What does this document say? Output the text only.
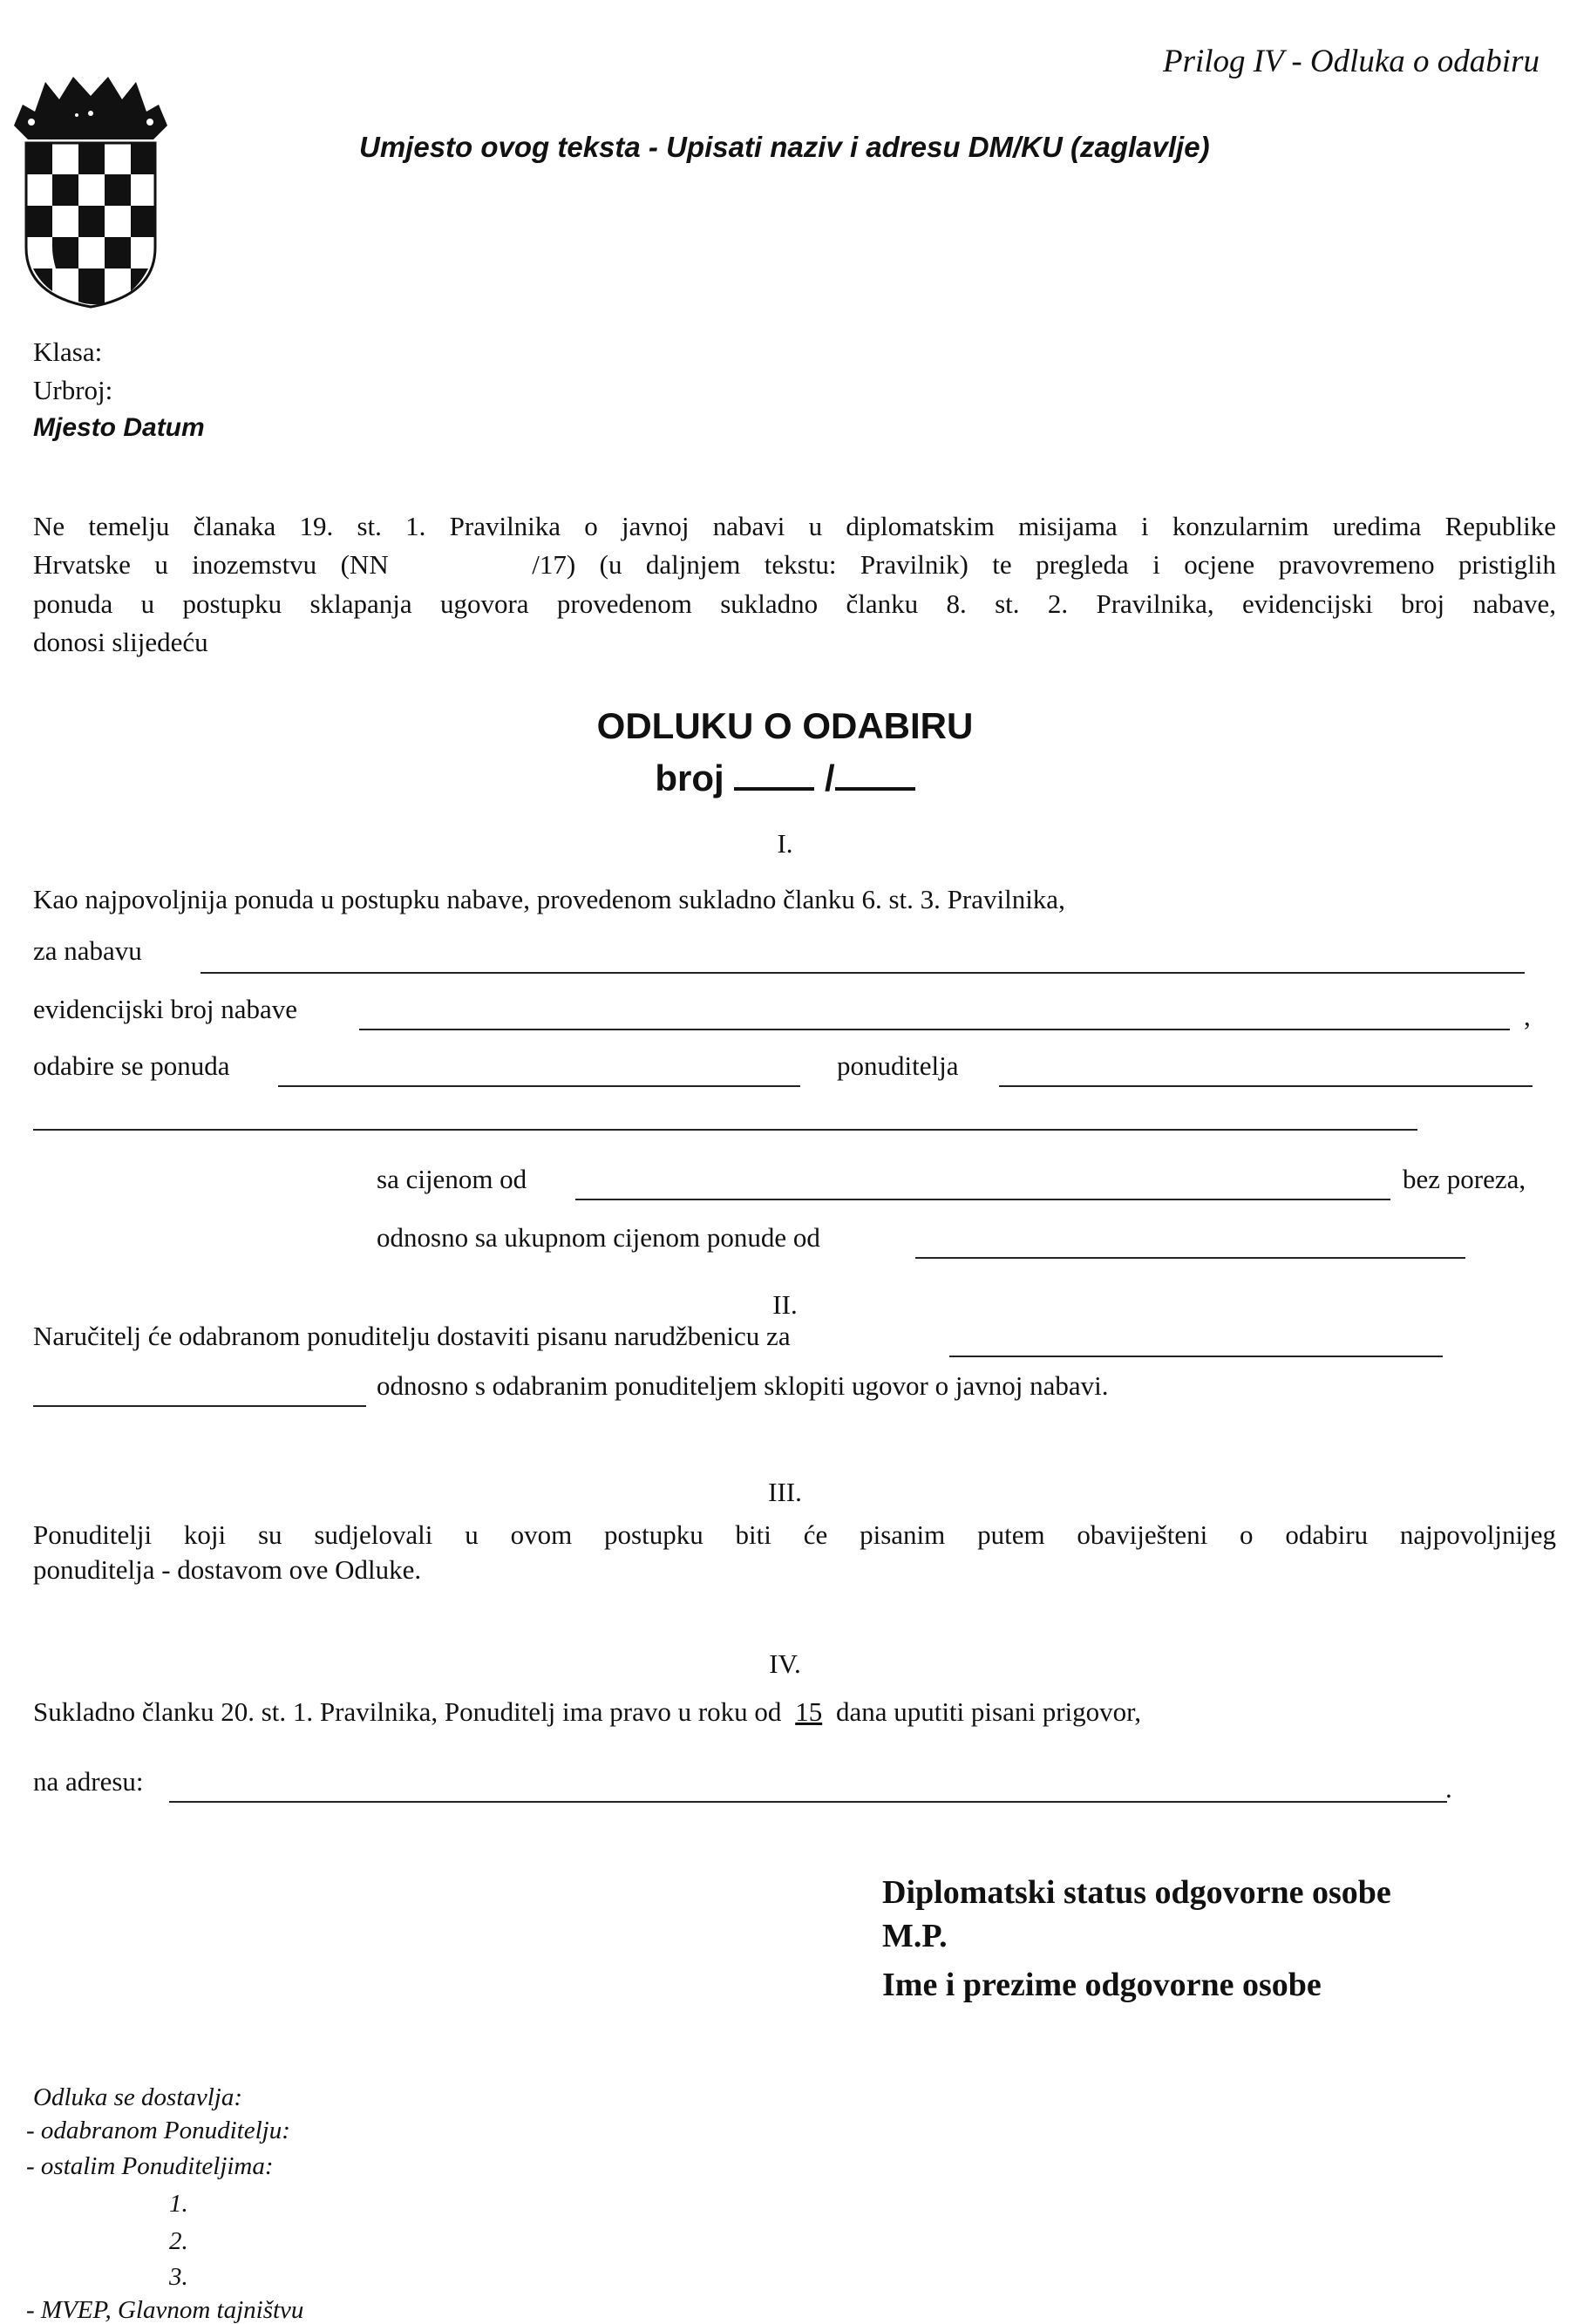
Prilog IV - Odluka o odabiru
Umjesto ovog teksta - Upisati naziv i adresu DM/KU (zaglavlje)
Klasa:
Urbroj:
Mjesto Datum
Ne temelju članaka 19. st. 1. Pravilnika o javnoj nabavi u diplomatskim misijama i konzularnim uredima Republike
Hrvatske u inozemstvu (NN      /17) (u daljnjem tekstu: Pravilnik) te pregleda i ocjene pravovremeno pristiglih
ponuda u postupku sklapanja ugovora provedenom sukladno članku 8. st. 2. Pravilnika, evidencijski broj nabave,
donosi slijedeću
ODLUKU O ODABIRU
broj	/
I.
Kao najpovoljnija ponuda u postupku nabave, provedenom sukladno članku 6. st. 3. Pravilnika,
za nabavu
evidencijski broj nabave	,
odabire se ponuda	ponuditelja
sa cijenom od	bez poreza,
odnosno sa ukupnom cijenom ponude od
II.
Naručitelj će odabranom ponuditelju dostaviti pisanu narudžbenicu za
odnosno s odabranim ponuditeljem sklopiti ugovor o javnoj nabavi.
III.
Ponuditelji koji su sudjelovali u ovom postupku biti će pisanim putem obaviješteni o odabiru najpovoljnijeg
ponuditelja - dostavom ove Odluke.
IV.
Sukladno članku 20. st. 1. Pravilnika, Ponuditelj ima pravo u roku od 15 dana uputiti pisani prigovor,
na adresu:	.
Diplomatski status odgovorne osobe
M.P.
Ime i prezime odgovorne osobe
Odluka se dostavlja:
- odabranom Ponuditelju:
- ostalim Ponuditeljima:
1.
2.
3.
- MVEP, Glavnom tajništvu
